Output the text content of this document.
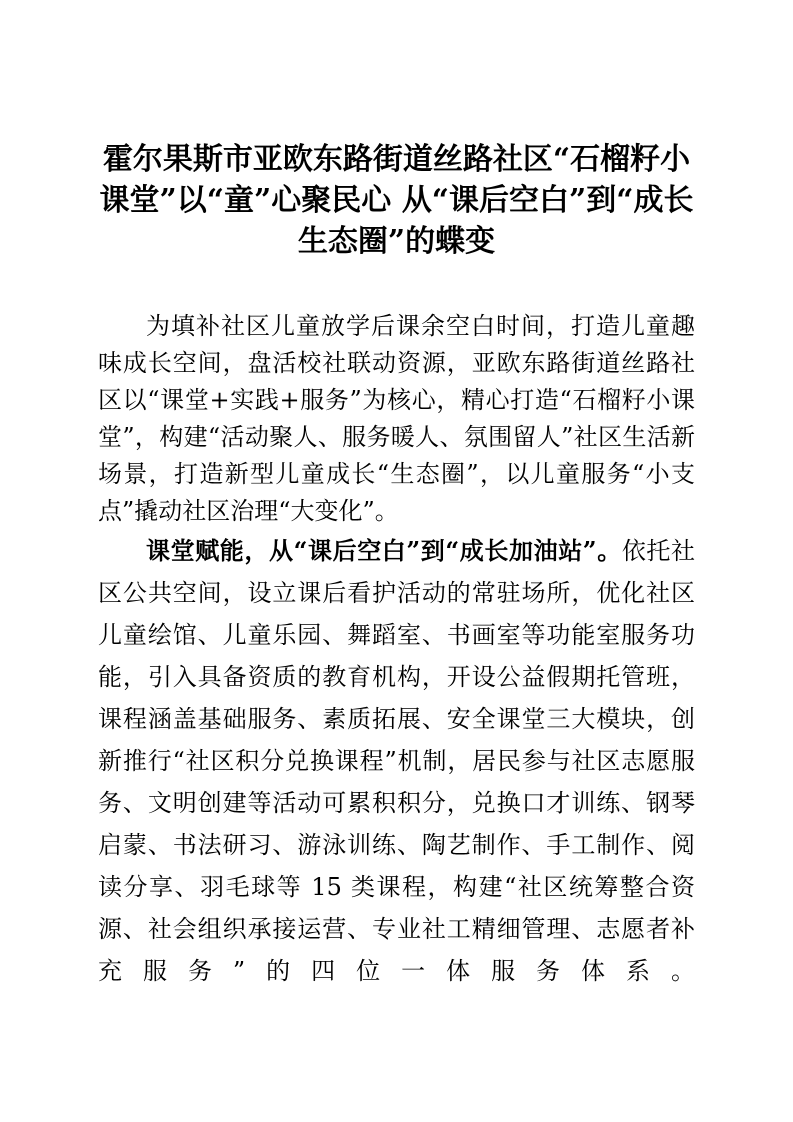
霍尔果斯市亚欧东路街道丝路社区“石榴籽小课堂”以“童”心聚民心 从“课后空白”到“成长生态圈”的蝶变

为填补社区儿童放学后课余空白时间，打造儿童趣味成长空间，盘活校社联动资源，亚欧东路街道丝路社区以“课堂+实践+服务”为核心，精心打造“石榴籽小课堂”，构建“活动聚人、服务暖人、氛围留人”社区生活新场景，打造新型儿童成长“生态圈”，以儿童服务“小支点”撬动社区治理“大变化”。

课堂赋能，从“课后空白”到“成长加油站”。依托社区公共空间，设立课后看护活动的常驻场所，优化社区儿童绘馆、儿童乐园、舞蹈室、书画室等功能室服务功能，引入具备资质的教育机构，开设公益假期托管班，课程涵盖基础服务、素质拓展、安全课堂三大模块，创新推行“社区积分兑换课程”机制，居民参与社区志愿服务、文明创建等活动可累积积分，兑换口才训练、钢琴启蒙、书法研习、游泳训练、陶艺制作、手工制作、阅读分享、羽毛球等 15 类课程，构建“社区统筹整合资源、社会组织承接运营、专业社工精细管理、志愿者补充服务”的四位一体服务体系。
